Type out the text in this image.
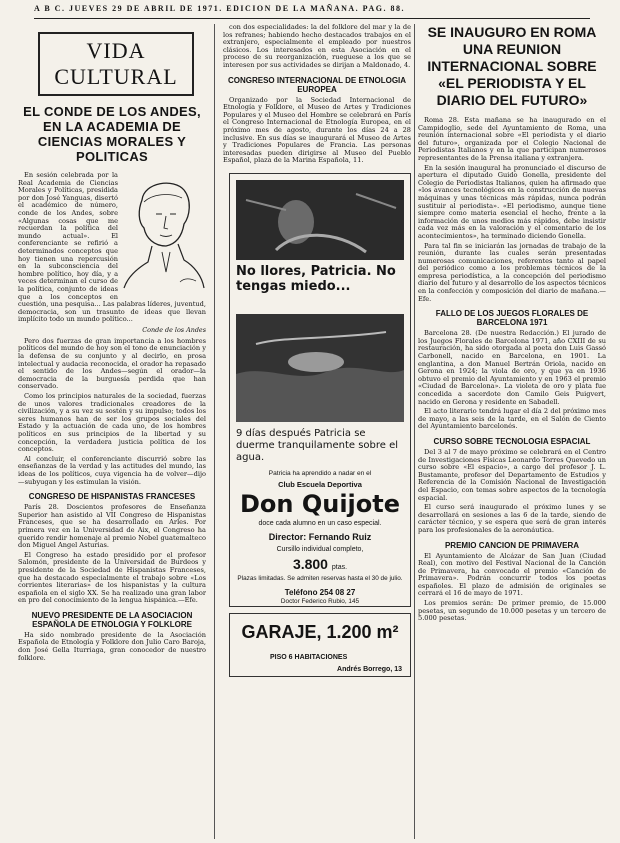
A B C. JUEVES 29 DE ABRIL DE 1971. EDICION DE LA MAÑANA. PAG. 88.
VIDA CULTURAL
EL CONDE DE LOS ANDES, EN LA ACADEMIA DE CIENCIAS MORALES Y POLITICAS

En sesión celebrada por la Real Academia de Ciencias Morales y Políticas, presidida por don José Yanguas, disertó el académico de número, conde de los Andes, sobre «Algunas cosas que me recuerdan la política del mundo actual». El conferenciante se refirió a determinados conceptos que hoy tienen una repercusión en la subconsciencia del hombre político, hoy día, y a veces determinan el curso de la política, conjunto de ideas que a los conceptos en cuestión, una pesquisa... Las palabras líderes, juventud, democracia, son un trasunto de ideas que llevan implícito todo un mundo político...

Conde de los Andes

Pero dos fuerzas de gran importancia a los hombres políticos del mundo de hoy son el tono de enunciación y la defensa de su conjunto y al decirlo, en prosa intelectual y audacia reconocida, el orador ha repasado el sentido de los Andes—según el orador—la democracia de la burguesía perdida que han conservado.

Como los principios naturales de la sociedad, fuerzas de unos valores tradicionales creadores de la civilización, y a su vez su sostén y su impulso; todos los seres humanos han de ser los grupos sociales del Estado y la actuación de cada uno, de los hombres políticos en sus principios de la libertad y su concepción, la verdadera justicia política de los conceptos.

Al concluir, el conferenciante discurrió sobre las enseñanzas de la verdad y las actitudes del mundo, las ideas de los políticos, cuya vigencia ha de volver—dijo—subyugan y les estimulan la visión.

CONGRESO DE HISPANISTAS FRANCESES

París 28. Doscientos profesores de Enseñanza Superior han asistido al VII Congreso de Hispanistas Franceses, que se ha desarrollado en Arles. Por primera vez en la Universidad de Aix, el Congreso ha querido rendir homenaje al premio Nobel guatemalteco don Miguel Angel Asturias.

El Congreso ha estado presidido por el profesor Salomón, presidente de la Universidad de Burdeos y presidente de la Sociedad de Hispanistas Franceses, que ha destacado especialmente el trabajo sobre «Los corrientes literarias» de los hispanistas y la cultura española en el siglo XX. Se ha realizado una gran labor en pro del conocimiento de la lengua hispánica.—Efe.

NUEVO PRESIDENTE DE LA ASOCIACION ESPAÑOLA DE ETNOLOGIA Y FOLKLORE

Ha sido nombrado presidente de la Asociación Española de Etnología y Folklore don Julio Caro Baroja, don José Gella Iturriaga, gran conocedor de nuestro folklore.

con dos especialidades: la del folklore del mar y la de los refranes; habiendo hecho destacados trabajos en el extranjero, especialmente el empleado por nuestros clásicos. Los interesados en esta Asociación en el proceso de su reorganización, rueguese a los que se interesen por sus actividades se dirijan a Maldonado, 4.

CONGRESO INTERNACIONAL DE ETNOLOGIA EUROPEA

Organizado por la Sociedad Internacional de Etnología y Folklore, el Museo de Artes y Tradiciones Populares y el Museo del Hombre se celebrará en París el Congreso Internacional de Etnología Europea, en el próximo mes de agosto, durante los días 24 a 28 inclusive. En sus días se inaugurará el Museo de Artes y Tradiciones Populares de Francia. Las personas interesadas pueden dirigirse al Museo del Pueblo Español, plaza de la Marina Española, 11.

No llores, Patricia. No tengas miedo...
9 días después Patricia se duerme tranquilamente sobre el agua.
Patricia ha aprendido a nadar en el
Club Escuela Deportiva
Don Quijote
doce cada alumno en un caso especial.
Director: Fernando Ruiz
Cursillo individual completo,
3.800 ptas.
Plazas limitadas. Se admiten reservas hasta el 30 de julio.
Teléfono 254 08 27
Doctor Federico Rubio, 145
GARAJE, 1.200 m²
PISO 6 HABITACIONES
Andrés Borrego, 13
SE INAUGURO EN ROMA UNA REUNION INTERNACIONAL SOBRE «EL PERIODISTA Y EL DIARIO DEL FUTURO»

Roma 28. Esta mañana se ha inaugurado en el Campidoglio, sede del Ayuntamiento de Roma, una reunión internacional sobre «El periodista y el diario del futuro», organizada por el Colegio Nacional de Periodistas Italianos y en la que participan numerosos representantes de la Prensa italiana y extranjera.

En la sesión inaugural ha pronunciado el discurso de apertura el diputado Guido Gonella, presidente del Colegio de Periodistas Italianos, quien ha afirmado que «los avances tecnológicos en la construcción de nuevas máquinas y unas técnicas más rápidas, nunca podrán sustituir al periodista». «El periodismo, aunque tiene siempre como materia esencial el hecho, frente a la información de unos medios más rápidos, debe insistir cada vez más en la valoración y el comentario de los acontecimientos», ha terminado diciendo Gonella.

Para tal fin se iniciarán las jornadas de trabajo de la reunión, durante las cuales serán presentadas numerosas comunicaciones, referentes tanto al papel del periódico como a los problemas técnicos de la empresa periodística, a la concepción del periodismo diario del futuro y al desarrollo de los aspectos técnicos en la confección y composición del diario de mañana.—Efe.

FALLO DE LOS JUEGOS FLORALES DE BARCELONA 1971

Barcelona 28. (De nuestra Redacción.) El jurado de los Juegos Florales de Barcelona 1971, año CXIII de su restauración, ha sido otorgada al poeta don Luis Gassó Carbonell, nacido en Barcelona, en 1901. La englantina, a don Manuel Bertrán Oriola, nacido en Gerona en 1924; la viola de oro, y que ya en 1936 obtuvo el premio del Ayuntamiento y en 1963 el premio «Ciudad de Barcelona». La violeta de oro y plata fue concedida a sacerdote don Camilo Geis Puigvert, nacido en Gerona y residente en Sabadell.

El acto literario tendrá lugar el día 2 del próximo mes de mayo, a las seis de la tarde, en el Salón de Ciento del Ayuntamiento barcelonés.

CURSO SOBRE TECNOLOGIA ESPACIAL

Del 3 al 7 de mayo próximo se celebrará en el Centro de Investigaciones Físicas Leonardo Torres Quevedo un curso sobre «El espacio», a cargo del profesor J. L. Bustamante, profesor del Departamento de Estudios y Referencia de la Comisión Nacional de Investigación del Espacio, con temas sobre aspectos de la tecnología espacial.

El curso será inaugurado el próximo lunes y se desarrollará en sesiones a las 6 de la tarde, siendo de carácter técnico, y se espera que será de gran interés para los profesionales de la aeronáutica.

PREMIO CANCION DE PRIMAVERA

El Ayuntamiento de Alcázar de San Juan (Ciudad Real), con motivo del Festival Nacional de la Canción de Primavera, ha convocado el premio «Canción de Primavera». Podrán concurrir todos los poetas españoles. El plazo de admisión de originales se cerrará el 16 de mayo de 1971.

Los premios serán: De primer premio, de 15.000 pesetas, un segundo de 10.000 pesetas y un tercero de 5.000 pesetas.
